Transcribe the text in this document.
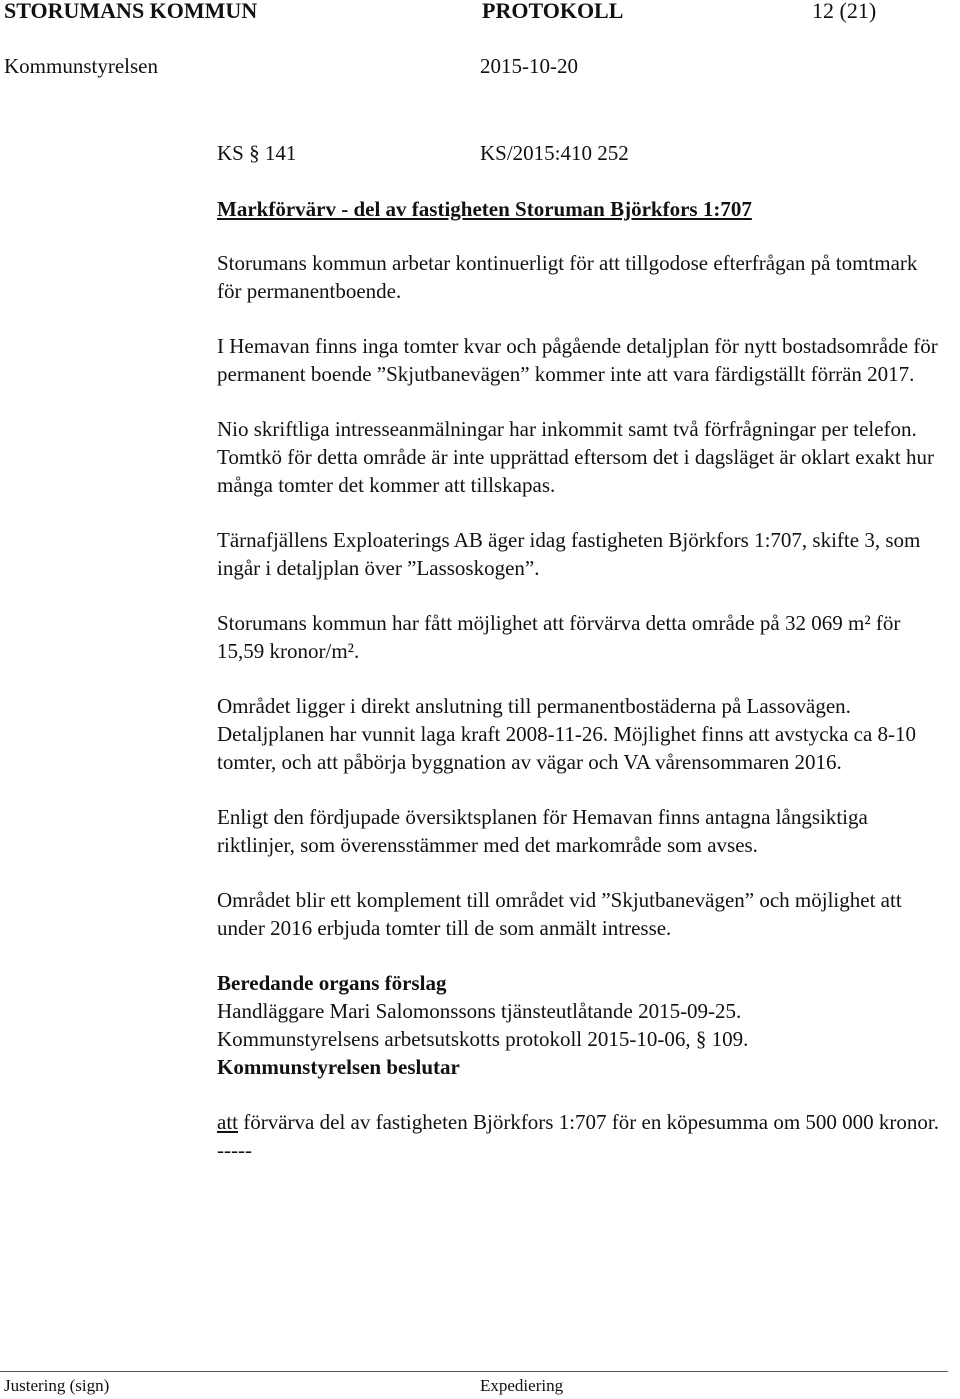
STORUMANS KOMMUN	PROTOKOLL	12 (21)
Kommunstyrelsen	2015-10-20
KS § 141	KS/2015:410 252
Markförvärv - del av fastigheten Storuman Björkfors 1:707

Storumans kommun arbetar kontinuerligt för att tillgodose efterfrågan på tomtmark för permanentboende.

I Hemavan finns inga tomter kvar och pågående detaljplan för nytt bostadsområde för permanent boende ”Skjutbanevägen” kommer inte att vara färdigställt förrän 2017.

Nio skriftliga intresseanmälningar har inkommit samt två förfrågningar per telefon. Tomtkö för detta område är inte upprättad eftersom det i dagsläget är oklart exakt hur många tomter det kommer att tillskapas.

Tärnafjällens Exploaterings AB äger idag fastigheten Björkfors 1:707, skifte 3, som ingår i detaljplan över ”Lassoskogen”.

Storumans kommun har fått möjlighet att förvärva detta område på 32 069 m² för 15,59 kronor/m².

Området ligger i direkt anslutning till permanentbostäderna på Lassovägen. Detaljplanen har vunnit laga kraft 2008-11-26. Möjlighet finns att avstycka ca 8-10 tomter, och att påbörja byggnation av vägar och VA vårensommaren 2016.

Enligt den fördjupade översiktsplanen för Hemavan finns antagna långsiktiga riktlinjer, som överensstämmer med det markområde som avses.

Området blir ett komplement till området vid ”Skjutbanevägen” och möjlighet att under 2016 erbjuda tomter till de som anmält intresse.

Beredande organs förslag
Handläggare Mari Salomonssons tjänsteutlåtande 2015-09-25.
Kommunstyrelsens arbetsutskotts protokoll 2015-10-06, § 109.
Kommunstyrelsen beslutar
att förvärva del av fastigheten Björkfors 1:707 för en köpesumma om 500 000 kronor.
-----
Justering (sign)	Expediering
